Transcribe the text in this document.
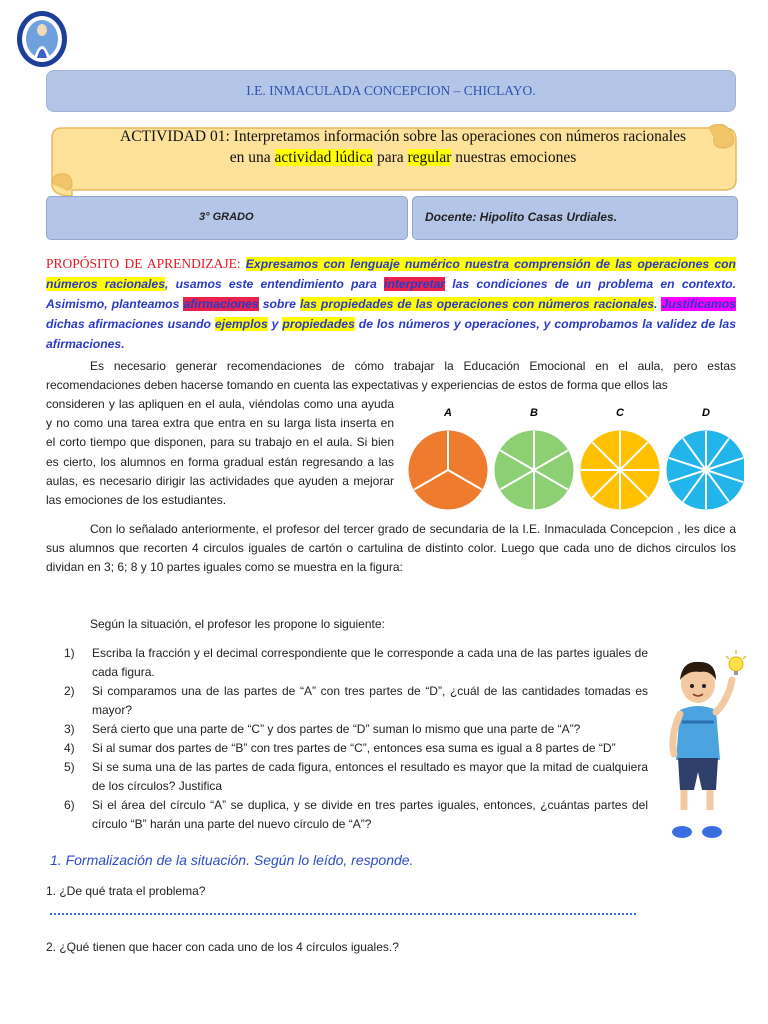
I.E. INMACULADA CONCEPCION – CHICLAYO.
ACTIVIDAD 01: Interpretamos información sobre las operaciones con números racionales en una actividad lúdica para regular nuestras emociones
3° GRADO	Docente: Hipolito Casas Urdiales.
PROPÓSITO DE APRENDIZAJE: Expresamos con lenguaje numérico nuestra comprensión de las operaciones con números racionales, usamos este entendimiento para interpretar las condiciones de un problema en contexto. Asimismo, planteamos afirmaciones sobre las propiedades de las operaciones con números racionales. Justificamos dichas afirmaciones usando ejemplos y propiedades de los números y operaciones, y comprobamos la validez de las afirmaciones.
Es necesario generar recomendaciones de cómo trabajar la Educación Emocional en el aula, pero estas recomendaciones deben hacerse tomando en cuenta las expectativas y experiencias de estos de forma que ellos las
consideren y las apliquen en el aula, viéndolas como una ayuda y no como una tarea extra que entra en su larga lista inserta en el corto tiempo que disponen, para su trabajo en el aula. Si bien es cierto, los alumnos en forma gradual están regresando a las aulas, es necesario dirigir las actividades que ayuden a mejorar las emociones de los estudiantes.
A	B	C	D
Con lo señalado anteriormente, el profesor del tercer grado de secundaria de la I.E. Inmaculada Concepcion , les dice a sus alumnos que recorten 4 circulos iguales de cartón o cartulina de distinto color. Luego que cada uno de dichos circulos los dividan en 3; 6; 8 y 10 partes iguales como se muestra en la figura:
Según la situación, el profesor les propone lo siguiente:
1) Escriba la fracción y el decimal correspondiente que le corresponde a cada una de las partes iguales de cada figura.
2) Si comparamos una de las partes de “A” con tres partes de “D”, ¿cuál de las cantidades tomadas es mayor?
3) Será cierto que una parte de “C” y dos partes de “D” suman lo mismo que una parte de “A”?
4) Si al sumar dos partes de “B” con tres partes de “C”, entonces esa suma es igual a 8 partes de “D”
5) Si se suma una de las partes de cada figura, entonces el resultado es mayor que la mitad de cualquiera de los círculos? Justifica
6) Si el área del círculo “A” se duplica, y se divide en tres partes iguales, entonces, ¿cuántas partes del círculo “B” harán una parte del nuevo círculo de “A”?
1. Formalización de la situación. Según lo leído, responde.
1. ¿De qué trata el problema?
2. ¿Qué tienen que hacer con cada uno de los 4 círculos iguales.?
